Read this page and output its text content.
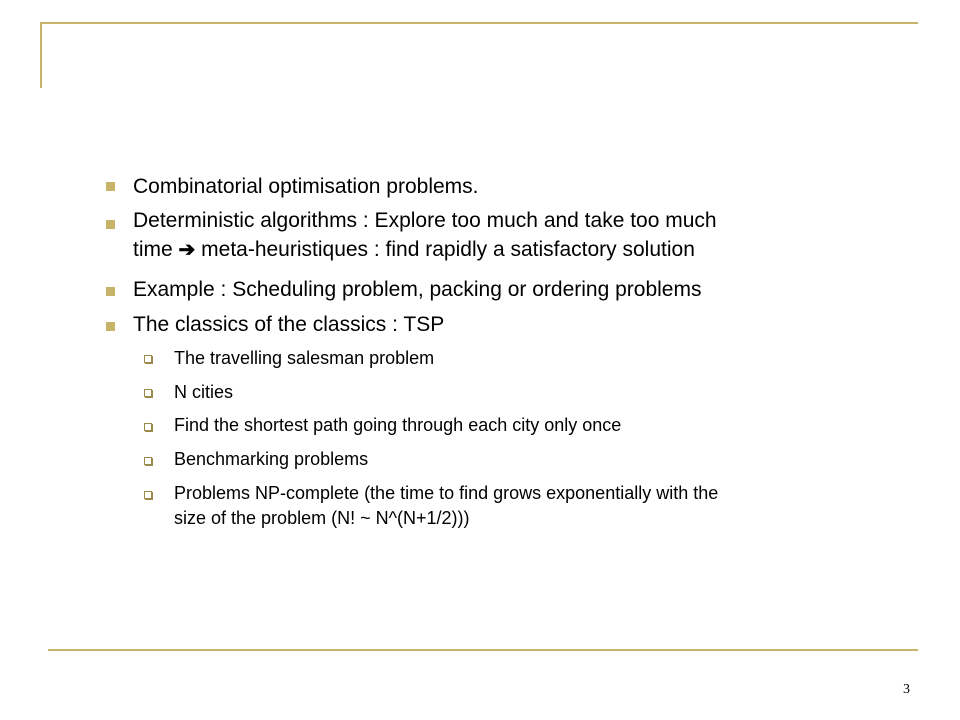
Combinatorial optimisation problems.
Deterministic algorithms : Explore too much and take too much
time ➔ meta-heuristiques : find rapidly a satisfactory solution
Example : Scheduling problem, packing or ordering problems
The classics of the classics : TSP
The travelling salesman problem
N cities
Find the shortest path going through each city only once
Benchmarking problems
Problems NP-complete (the time to find grows exponentially with the
size of the problem (N! ~ N^(N+1/2)))
3
